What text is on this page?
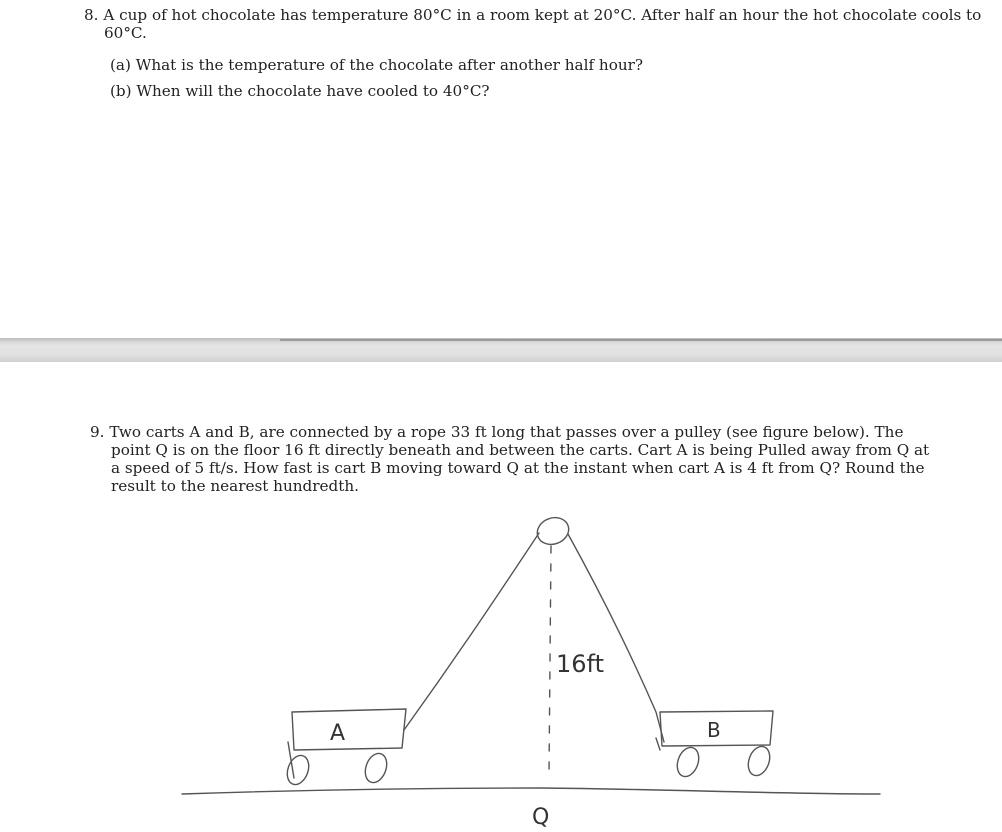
8. A cup of hot chocolate has temperature 80°C in a room kept at 20°C. After half an hour the hot chocolate cools to 60°C.
(a) What is the temperature of the chocolate after another half hour?
(b) When will the chocolate have cooled to 40°C?
9. Two carts A and B, are connected by a rope 33 ft long that passes over a pulley (see figure below). The point Q is on the floor 16 ft directly beneath and between the carts. Cart A is being Pulled away from Q at a speed of 5 ft/s. How fast is cart B moving toward Q at the instant when cart A is 4 ft from Q? Round the result to the nearest hundredth.
A	B
16ft
Q
